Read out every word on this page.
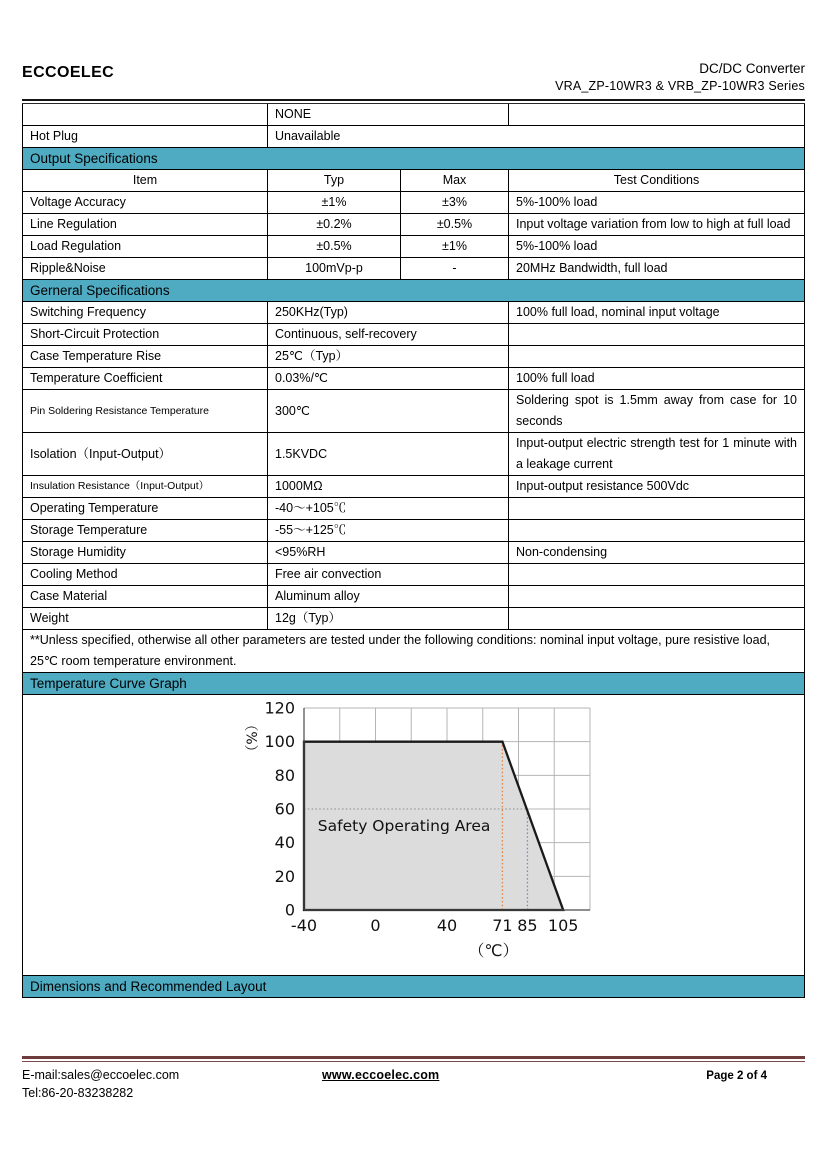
ECCOELEC	DC/DC Converter
VRA_ZP-10WR3 & VRB_ZP-10WR3 Series
	NONE		
Hot Plug	Unavailable		
Output Specifications			
Item	Typ	Max	Test Conditions
Voltage Accuracy	±1%	±3%	5%-100% load
Line Regulation	±0.2%	±0.5%	Input voltage variation from low to high at full load
Load Regulation	±0.5%	±1%	5%-100% load
Ripple&Noise	100mVp-p	-	20MHz Bandwidth, full load
Gerneral Specifications			
Switching Frequency	250KHz(Typ)		100% full load, nominal input voltage
Short-Circuit Protection	Continuous, self-recovery		
Case Temperature Rise	25℃（Typ）		
Temperature Coefficient	0.03%/℃		100% full load
Pin Soldering Resistance Temperature	300℃		Soldering spot is 1.5mm away from case for 10 seconds
Isolation（Input-Output）	1.5KVDC		Input-output electric strength test for 1 minute with a leakage current
Insulation Resistance（Input-Output）	1000MΩ		Input-output resistance 500Vdc
Operating Temperature	-40～+105℃		
Storage Temperature	-55～+125℃		
Storage Humidity	<95%RH		Non-condensing
Cooling Method	Free air convection		
Case Material	Aluminum alloy		
Weight	12g（Typ）		
**Unless specified, otherwise all other parameters are tested under the following conditions: nominal input voltage, pure resistive load, 25℃ room temperature environment.			
Temperature Curve Graph			

-40	0	40 71 85 105
0
20
40
60
80
100
120
（℃）
（%）
Safety Operating Area

Dimensions and Recommended Layout			
E-mail:sales@eccoelec.com
Tel:86-20-83238282
www.eccoelec.com	Page 2 of 4
